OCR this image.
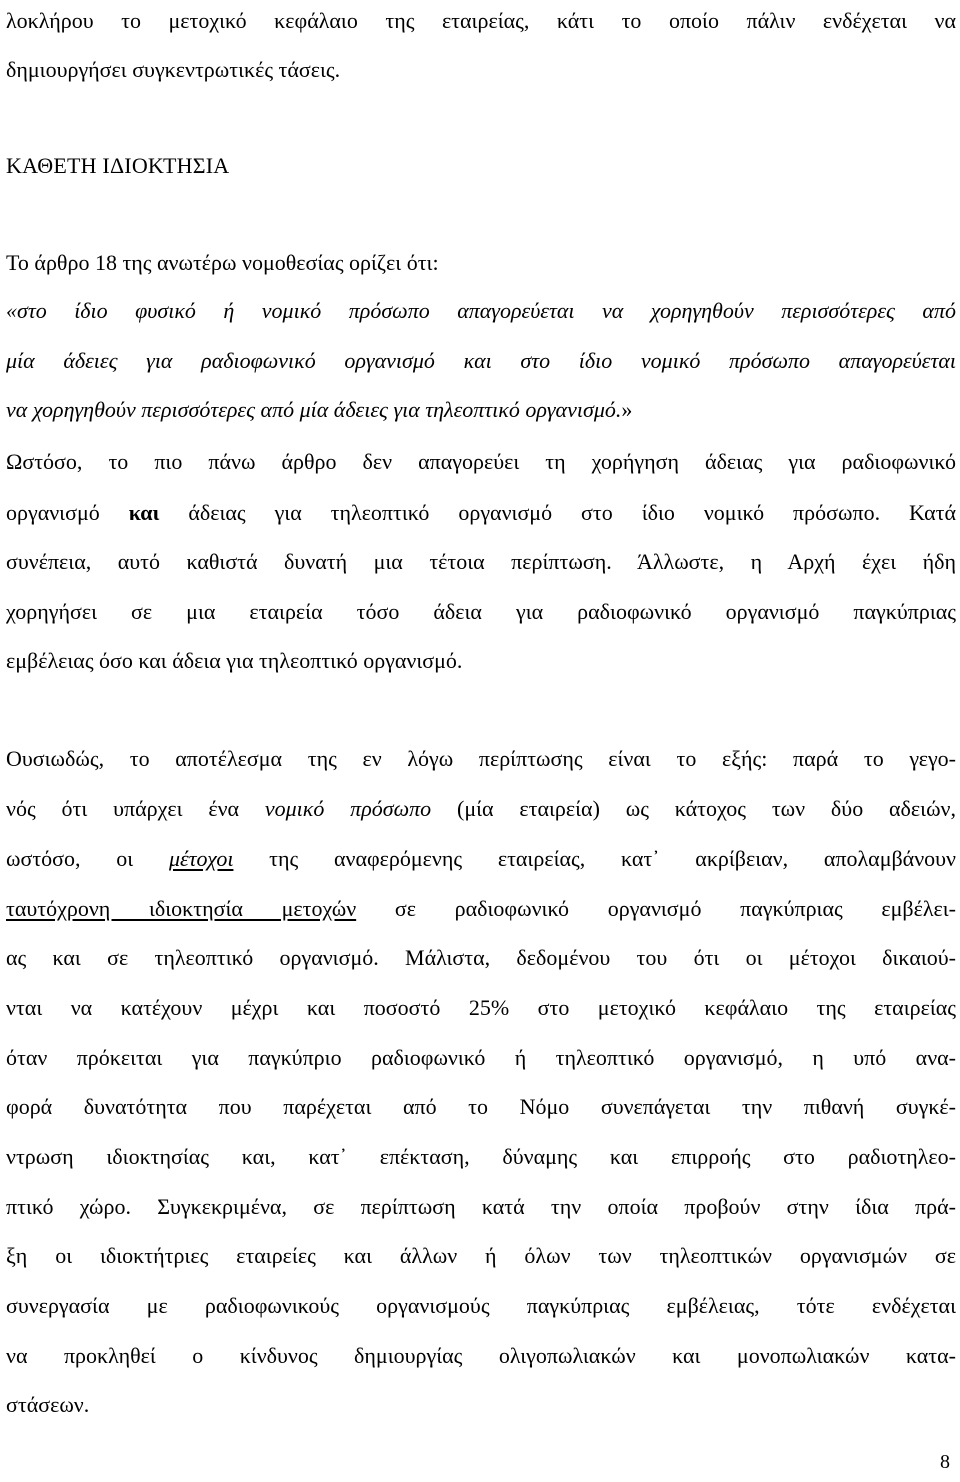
λοκλήρου το μετοχικό κεφάλαιο της εταιρείας, κάτι το οποίο πάλιν ενδέχεται να
δημιουργήσει συγκεντρωτικές τάσεις.
ΚΑΘΕΤΗ ΙΔΙΟΚΤΗΣΙΑ
Το άρθρο 18 της ανωτέρω νομοθεσίας ορίζει ότι:
«στο ίδιο φυσικό ή νομικό πρόσωπο απαγορεύεται να χορηγηθούν περισσότερες από
μία άδειες για ραδιοφωνικό οργανισμό και στο ίδιο νομικό πρόσωπο απαγορεύεται
να χορηγηθούν περισσότερες από μία άδειες για τηλεοπτικό οργανισμό.»
Ωστόσο, το πιο πάνω άρθρο δεν απαγορεύει τη χορήγηση άδειας για ραδιοφωνικό
οργανισμό και άδειας για τηλεοπτικό οργανισμό στο ίδιο νομικό πρόσωπο. Κατά
συνέπεια, αυτό καθιστά δυνατή μια τέτοια περίπτωση. Άλλωστε, η Αρχή έχει ήδη
χορηγήσει σε μια εταιρεία τόσο άδεια για ραδιοφωνικό οργανισμό παγκύπριας
εμβέλειας όσο και άδεια για τηλεοπτικό οργανισμό.
Ουσιωδώς, το αποτέλεσμα της εν λόγω περίπτωσης είναι το εξής: παρά το γεγο-
νός ότι υπάρχει ένα νομικό πρόσωπο (μία εταιρεία) ως κάτοχος των δύο αδειών,
ωστόσο, οι μέτοχοι της αναφερόμενης εταιρείας, κατ᾽ ακρίβειαν, απολαμβάνουν
ταυτόχρονη ιδιοκτησία μετοχών σε ραδιοφωνικό οργανισμό παγκύπριας εμβέλει-
ας και σε τηλεοπτικό οργανισμό. Μάλιστα, δεδομένου του ότι οι μέτοχοι δικαιού-
νται να κατέχουν μέχρι και ποσοστό 25% στο μετοχικό κεφάλαιο της εταιρείας
όταν πρόκειται για παγκύπριο ραδιοφωνικό ή τηλεοπτικό οργανισμό, η υπό ανα-
φορά δυνατότητα που παρέχεται από το Νόμο συνεπάγεται την πιθανή συγκέ-
ντρωση ιδιοκτησίας και, κατ᾽ επέκταση, δύναμης και επιρροής στο ραδιοτηλεο-
πτικό χώρο. Συγκεκριμένα, σε περίπτωση κατά την οποία προβούν στην ίδια πρά-
ξη οι ιδιοκτήτριες εταιρείες και άλλων ή όλων των τηλεοπτικών οργανισμών σε
συνεργασία με ραδιοφωνικούς οργανισμούς παγκύπριας εμβέλειας, τότε ενδέχεται
να προκληθεί ο κίνδυνος δημιουργίας ολιγοπωλιακών και μονοπωλιακών κατα-
στάσεων.
8
